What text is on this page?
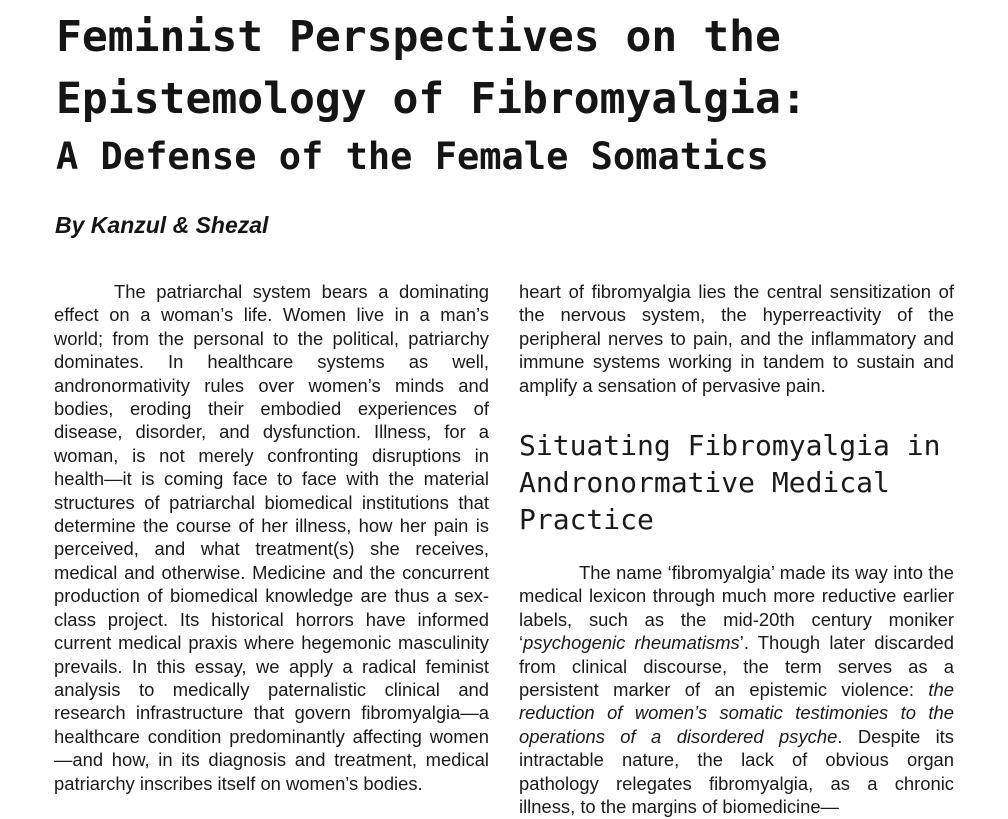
Feminist Perspectives on the
Epistemology of Fibromyalgia:
A Defense of the Female Somatics
By Kanzul & Shezal

The patriarchal system bears a dominating effect on a woman’s life. Women live in a man’s world; from the personal to the political, patriarchy dominates. In healthcare systems as well, andronormativity rules over women’s minds and bodies, eroding their embodied experiences of disease, disorder, and dysfunction. Illness, for a woman, is not merely confronting disruptions in health—it is coming face to face with the material structures of patriarchal biomedical institutions that determine the course of her illness, how her pain is perceived, and what treatment(s) she receives, medical and otherwise. Medicine and the concurrent production of biomedical knowledge are thus a sex-class project. Its historical horrors have informed current medical praxis where hegemonic masculinity prevails. In this essay, we apply a radical feminist analysis to medically paternalistic clinical and research infrastructure that govern fibromyalgia—a healthcare condition predominantly affecting women—and how, in its diagnosis and treatment, medical patriarchy inscribes itself on women’s bodies.

heart of fibromyalgia lies the central sensitization of the nervous system, the hyperreactivity of the peripheral nerves to pain, and the inflammatory and immune systems working in tandem to sustain and amplify a sensation of pervasive pain.

Situating Fibromyalgia in Andronormative Medical Practice

The name ‘fibromyalgia’ made its way into the medical lexicon through much more reductive earlier labels, such as the mid-20th century moniker ‘psychogenic rheumatisms’. Though later discarded from clinical discourse, the term serves as a persistent marker of an epistemic violence: the reduction of women’s somatic testimonies to the operations of a disordered psyche. Despite its intractable nature, the lack of obvious organ pathology relegates fibromyalgia, as a chronic illness, to the margins of biomedicine—
